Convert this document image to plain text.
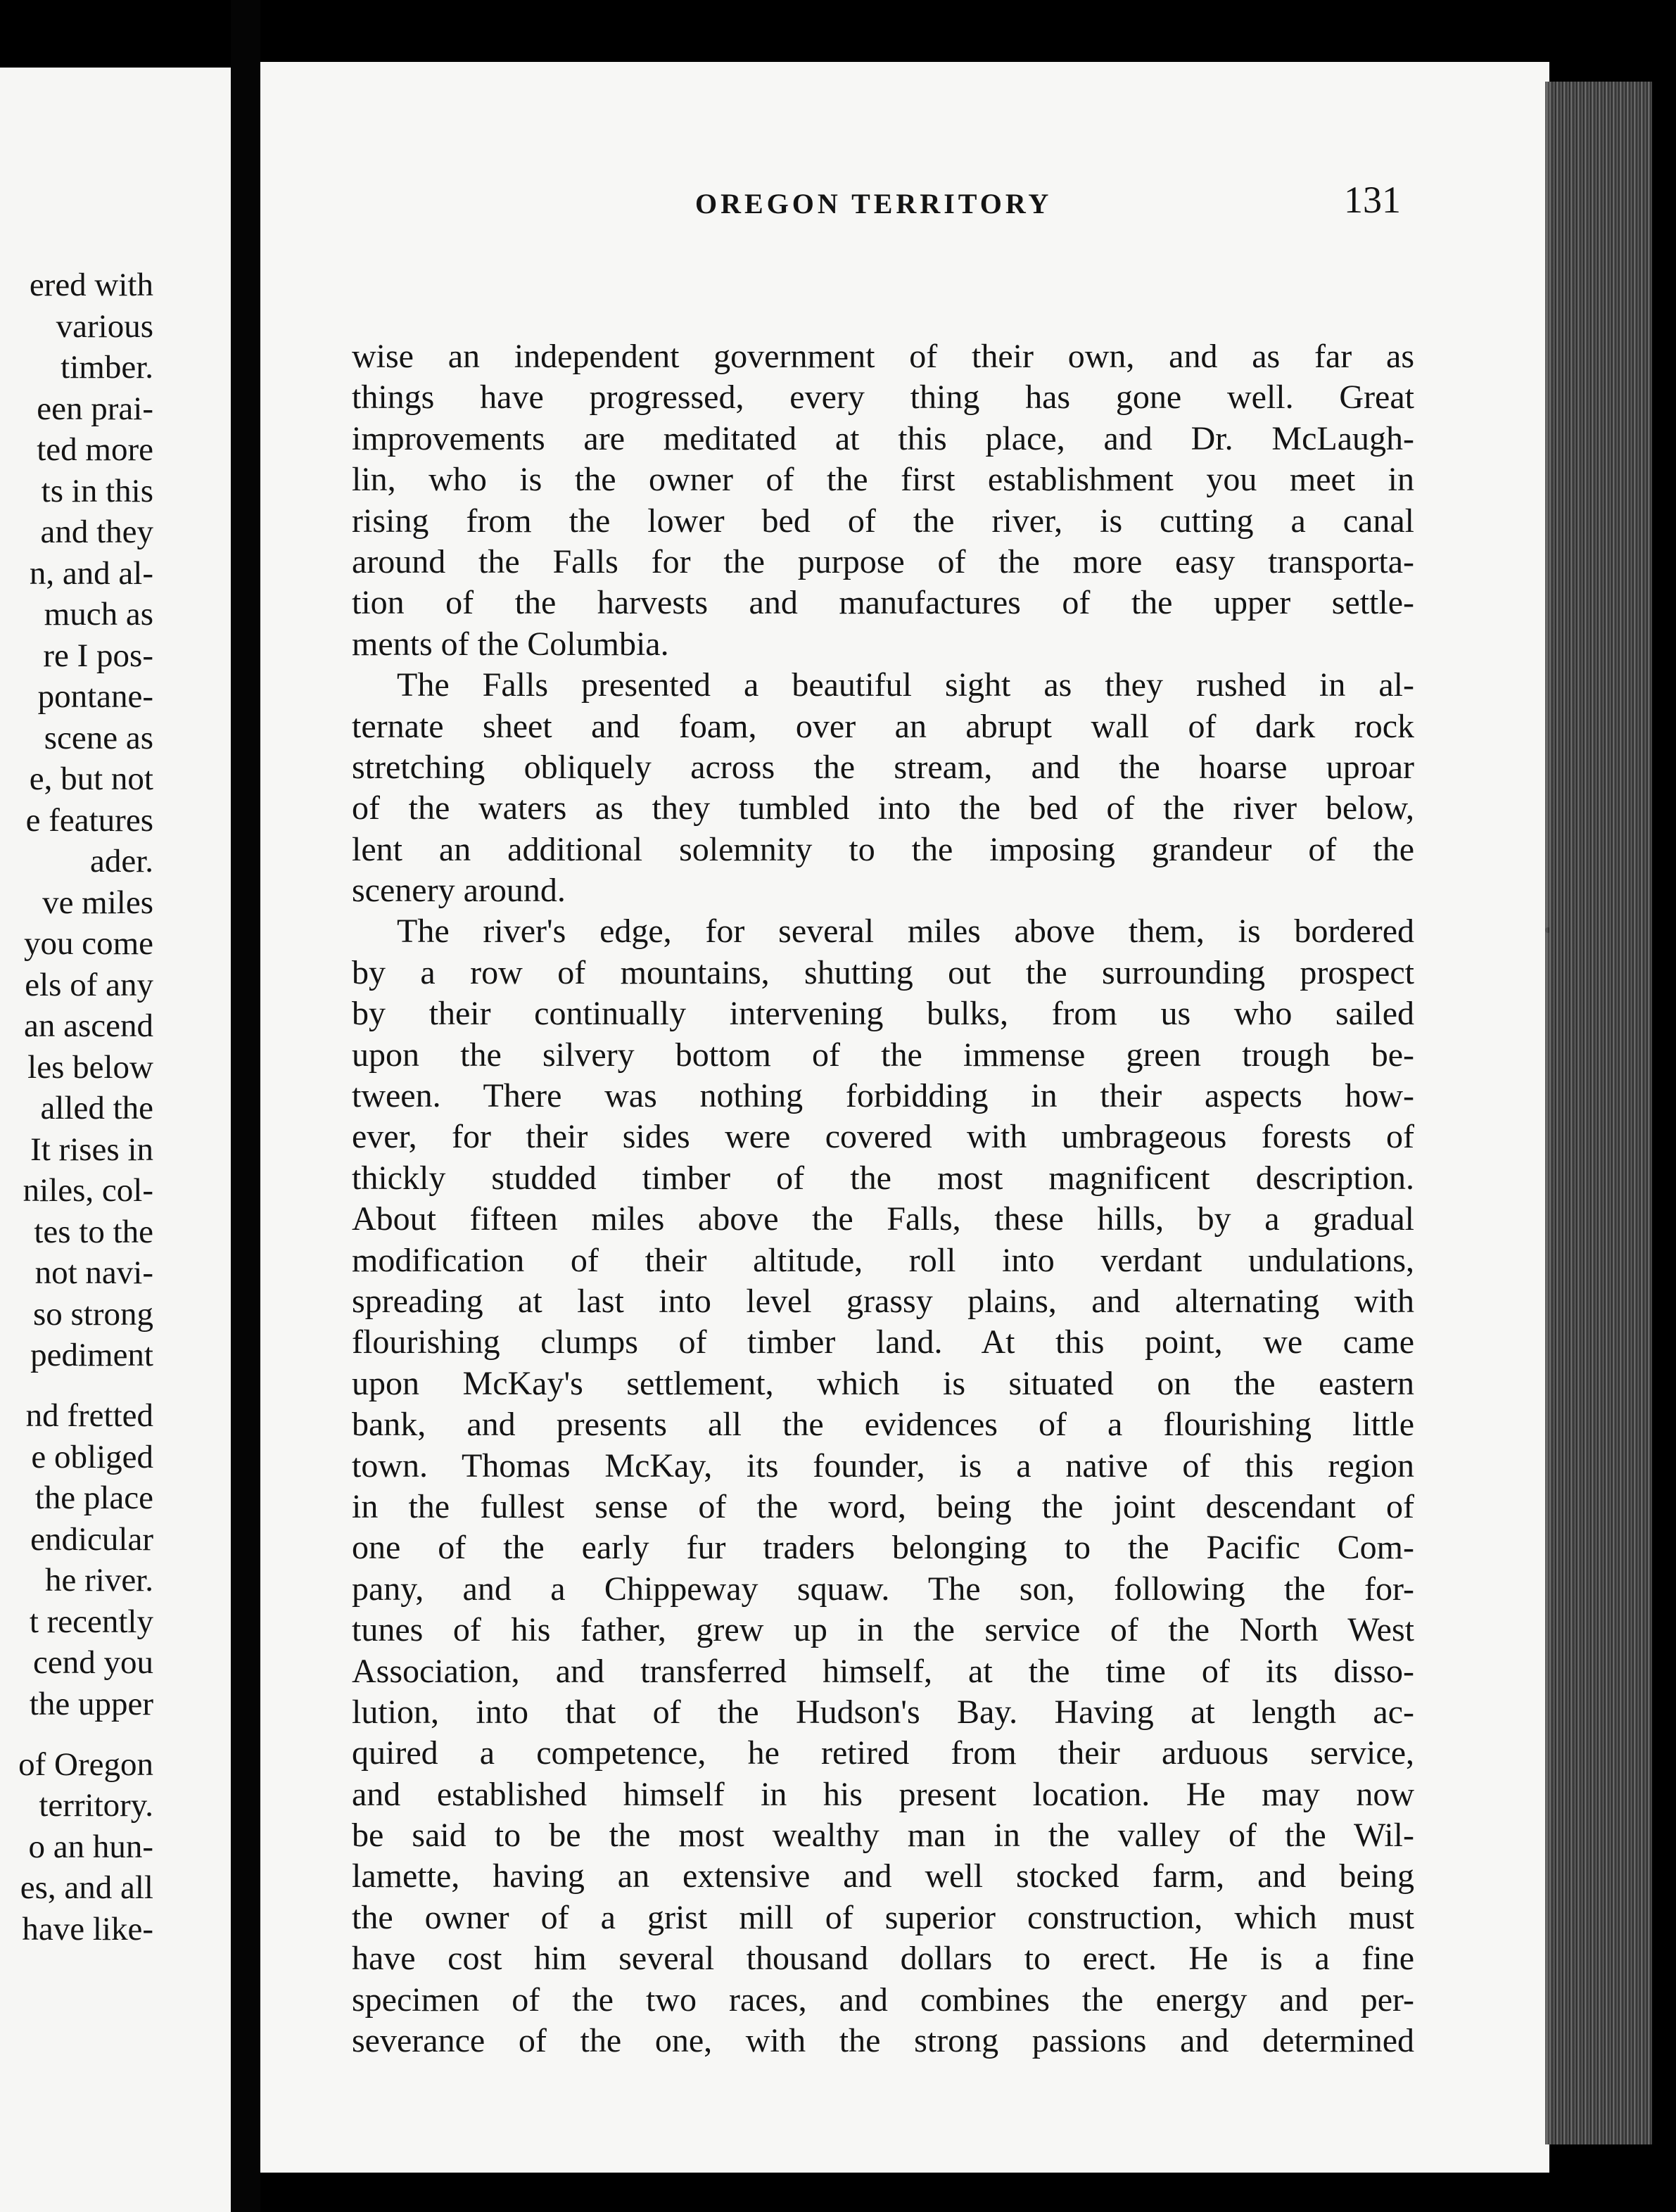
ered with
various
timber.
een prai-
ted more
ts in this
and they
n, and al-
much as
re I pos-
pontane-
scene as
e, but not
e features
ader.
ve miles
you come
els of any
an ascend
les below
alled the
It rises in
niles, col-
tes to the
not navi-
so strong
pediment
nd fretted
e obliged
the place
endicular
he river.
t recently
cend you
the upper
of Oregon
territory.
o an hun-
es, and all
have like-
OREGON TERRITORY	131
wise an independent government of their own, and as far as
things have progressed, every thing has gone well. Great
improvements are meditated at this place, and Dr. McLaugh-
lin, who is the owner of the first establishment you meet in
rising from the lower bed of the river, is cutting a canal
around the Falls for the purpose of the more easy transporta-
tion of the harvests and manufactures of the upper settle-
ments of the Columbia.
The Falls presented a beautiful sight as they rushed in al-
ternate sheet and foam, over an abrupt wall of dark rock
stretching obliquely across the stream, and the hoarse uproar
of the waters as they tumbled into the bed of the river below,
lent an additional solemnity to the imposing grandeur of the
scenery around.
The river's edge, for several miles above them, is bordered
by a row of mountains, shutting out the surrounding prospect
by their continually intervening bulks, from us who sailed
upon the silvery bottom of the immense green trough be-
tween. There was nothing forbidding in their aspects how-
ever, for their sides were covered with umbrageous forests of
thickly studded timber of the most magnificent description.
About fifteen miles above the Falls, these hills, by a gradual
modification of their altitude, roll into verdant undulations,
spreading at last into level grassy plains, and alternating with
flourishing clumps of timber land. At this point, we came
upon McKay's settlement, which is situated on the eastern
bank, and presents all the evidences of a flourishing little
town. Thomas McKay, its founder, is a native of this region
in the fullest sense of the word, being the joint descendant of
one of the early fur traders belonging to the Pacific Com-
pany, and a Chippeway squaw. The son, following the for-
tunes of his father, grew up in the service of the North West
Association, and transferred himself, at the time of its disso-
lution, into that of the Hudson's Bay. Having at length ac-
quired a competence, he retired from their arduous service,
and established himself in his present location. He may now
be said to be the most wealthy man in the valley of the Wil-
lamette, having an extensive and well stocked farm, and being
the owner of a grist mill of superior construction, which must
have cost him several thousand dollars to erect. He is a fine
specimen of the two races, and combines the energy and per-
severance of the one, with the strong passions and determined
